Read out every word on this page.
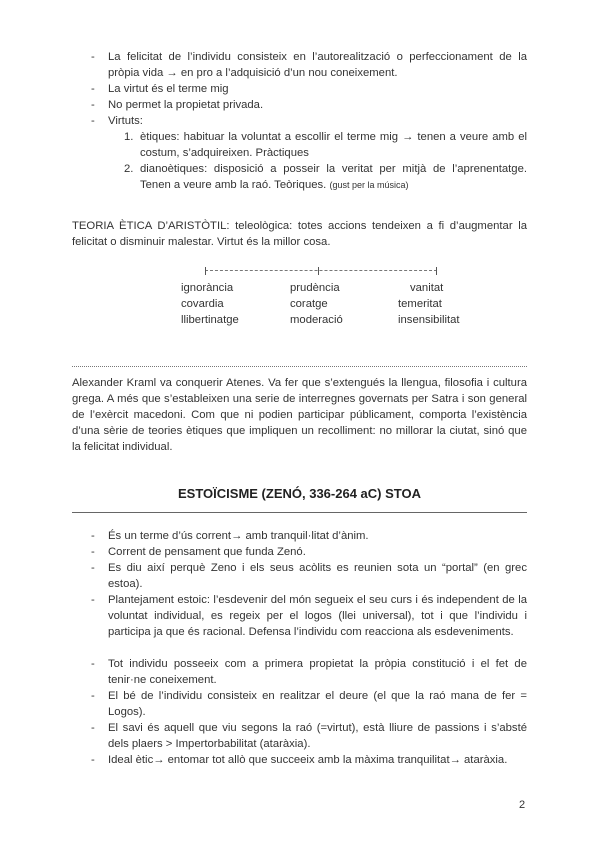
- La felicitat de l’individu consisteix en l’autorealització o perfeccionament de la pròpia vida → en pro a l’adquisició d’un nou coneixement.
- La virtut és el terme mig
- No permet la propietat privada.
- Virtuts:
1. ètiques: habituar la voluntat a escollir el terme mig → tenen a veure amb el costum, s’adquireixen. Pràctiques
2. dianoètiques: disposició a posseir la veritat per mitjà de l’aprenentatge. Tenen a veure amb la raó. Teòriques. (gust per la música)
TEORIA ÈTICA D’ARISTÒTIL: teleològica: totes accions tendeixen a fi d’augmentar la felicitat o disminuir malestar. Virtut és la millor cosa.
ignorància	prudència	vanitat
covardia	coratge	temeritat
llibertinatge	moderació	insensibilitat
Alexander Kraml va conquerir Atenes. Va fer que s’extengués la llengua, filosofia i cultura grega. A més que s’estableixen una serie de interregnes governats per Satra i son general de l’exèrcit macedoni. Com que ni podien participar públicament, comporta l’existència d’una sèrie de teories ètiques que impliquen un recolliment: no millorar la ciutat, sinó que la felicitat individual.
ESTOÏCISME (ZENÓ, 336-264 aC) STOA
- És un terme d’ús corrent→ amb tranquil·litat d’ànim.
- Corrent de pensament que funda Zenó.
- Es diu així perquè Zeno i els seus acòlits es reunien sota un “portal” (en grec estoa).
- Plantejament estoic: l’esdevenir del món segueix el seu curs i és independent de la voluntat individual, es regeix per el logos (llei universal), tot i que l’individu i participa ja que és racional. Defensa l’individu com reacciona als esdeveniments.
- Tot individu posseeix com a primera propietat la pròpia constitució i el fet de tenir·ne coneixement.
- El bé de l’individu consisteix en realitzar el deure (el que la raó mana de fer = Logos).
- El savi és aquell que viu segons la raó (=virtut), està lliure de passions i s’absté dels plaers > Impertorbabilitat (ataràxia).
- Ideal ètic→ entomar tot allò que succeeix amb la màxima tranquilitat→ ataràxia.
2
